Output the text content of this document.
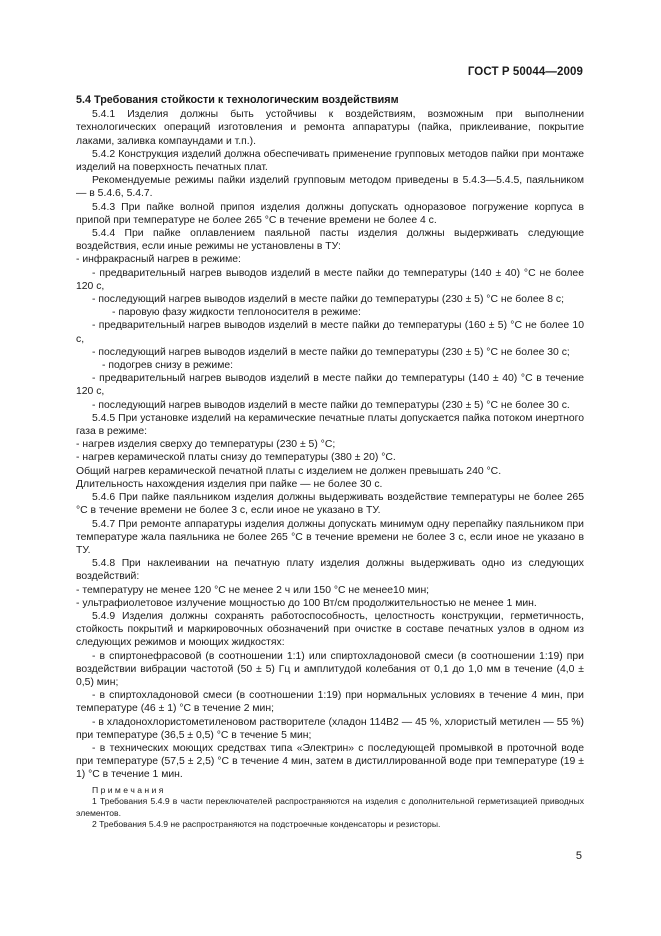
ГОСТ Р 50044—2009

5.4 Требования стойкости к технологическим воздействиям

5.4.1 Изделия должны быть устойчивы к воздействиям, возможным при выполнении технологических операций изготовления и ремонта аппаратуры (пайка, приклеивание, покрытие лаками, заливка компаундами и т.п.).

5.4.2 Конструкция изделий должна обеспечивать применение групповых методов пайки при монтаже изделий на поверхность печатных плат.

Рекомендуемые режимы пайки изделий групповым методом приведены в 5.4.3—5.4.5, паяльником — в 5.4.6, 5.4.7.

5.4.3 При пайке волной припоя изделия должны допускать одноразовое погружение корпуса в припой при температуре не более 265 °С в течение времени не более 4 с.

5.4.4 При пайке оплавлением паяльной пасты изделия должны выдерживать следующие воздействия, если иные режимы не установлены в ТУ:

- инфракрасный нагрев в режиме:

- предварительный нагрев выводов изделий в месте пайки до температуры (140 ± 40) °С не более 120 с,

- последующий нагрев выводов изделий в месте пайки до температуры (230 ± 5) °С не более 8 с;

- паровую фазу жидкости теплоносителя в режиме:

- предварительный нагрев выводов изделий в месте пайки до температуры (160 ± 5) °С не более 10 с,

- последующий нагрев выводов изделий в месте пайки до температуры (230 ± 5) °С не более 30 с;

- подогрев снизу в режиме:

- предварительный нагрев выводов изделий в месте пайки до температуры (140 ± 40) °С в течение 120 с,

- последующий нагрев выводов изделий в месте пайки до температуры (230 ± 5) °С не более 30 с.

5.4.5 При установке изделий на керамические печатные платы допускается пайка потоком инертного газа в режиме:

- нагрев изделия сверху до температуры (230 ± 5) °С;

- нагрев керамической платы снизу до температуры (380 ± 20) °С.

Общий нагрев керамической печатной платы с изделием не должен превышать 240 °С.

Длительность нахождения изделия при пайке — не более 30 с.

5.4.6 При пайке паяльником изделия должны выдерживать воздействие температуры не более 265 °С в течение времени не более 3 с, если иное не указано в ТУ.

5.4.7 При ремонте аппаратуры изделия должны допускать минимум одну перепайку паяльником при температуре жала паяльника не более 265 °С в течение времени не более 3 с, если иное не указано в ТУ.

5.4.8 При наклеивании на печатную плату изделия должны выдерживать одно из следующих воздействий:

- температуру не менее 120 °С не менее 2 ч или 150 °С не менее10 мин;

- ультрафиолетовое излучение мощностью до 100 Вт/см продолжительностью не менее 1 мин.

5.4.9 Изделия должны сохранять работоспособность, целостность конструкции, герметичность, стойкость покрытий и маркировочных обозначений при очистке в составе печатных узлов в одном из следующих режимов и моющих жидкостях:

- в спиртонефрасовой (в соотношении 1:1) или спиртохладоновой смеси (в соотношении 1:19) при воздействии вибрации частотой (50 ± 5) Гц и амплитудой колебания от 0,1 до 1,0 мм в течение (4,0 ± 0,5) мин;

- в спиртохладоновой смеси (в соотношении 1:19) при нормальных условиях в течение 4 мин, при температуре (46 ± 1) °С в течение 2 мин;

- в хладонохлористометиленовом растворителе (хладон 114В2 — 45 %, хлористый метилен — 55 %) при температуре (36,5 ± 0,5) °С в течение 5 мин;

- в технических моющих средствах типа «Электрин» с последующей промывкой в проточной воде при температуре (57,5 ± 2,5) °С в течение 4 мин, затем в дистиллированной воде при температуре (19 ± 1) °С в течение 1 мин.

П р и м е ч а н и я

1 Требования 5.4.9 в части переключателей распространяются на изделия с дополнительной герметизацией приводных элементов.

2 Требования 5.4.9 не распространяются на подстроечные конденсаторы и резисторы.

5
